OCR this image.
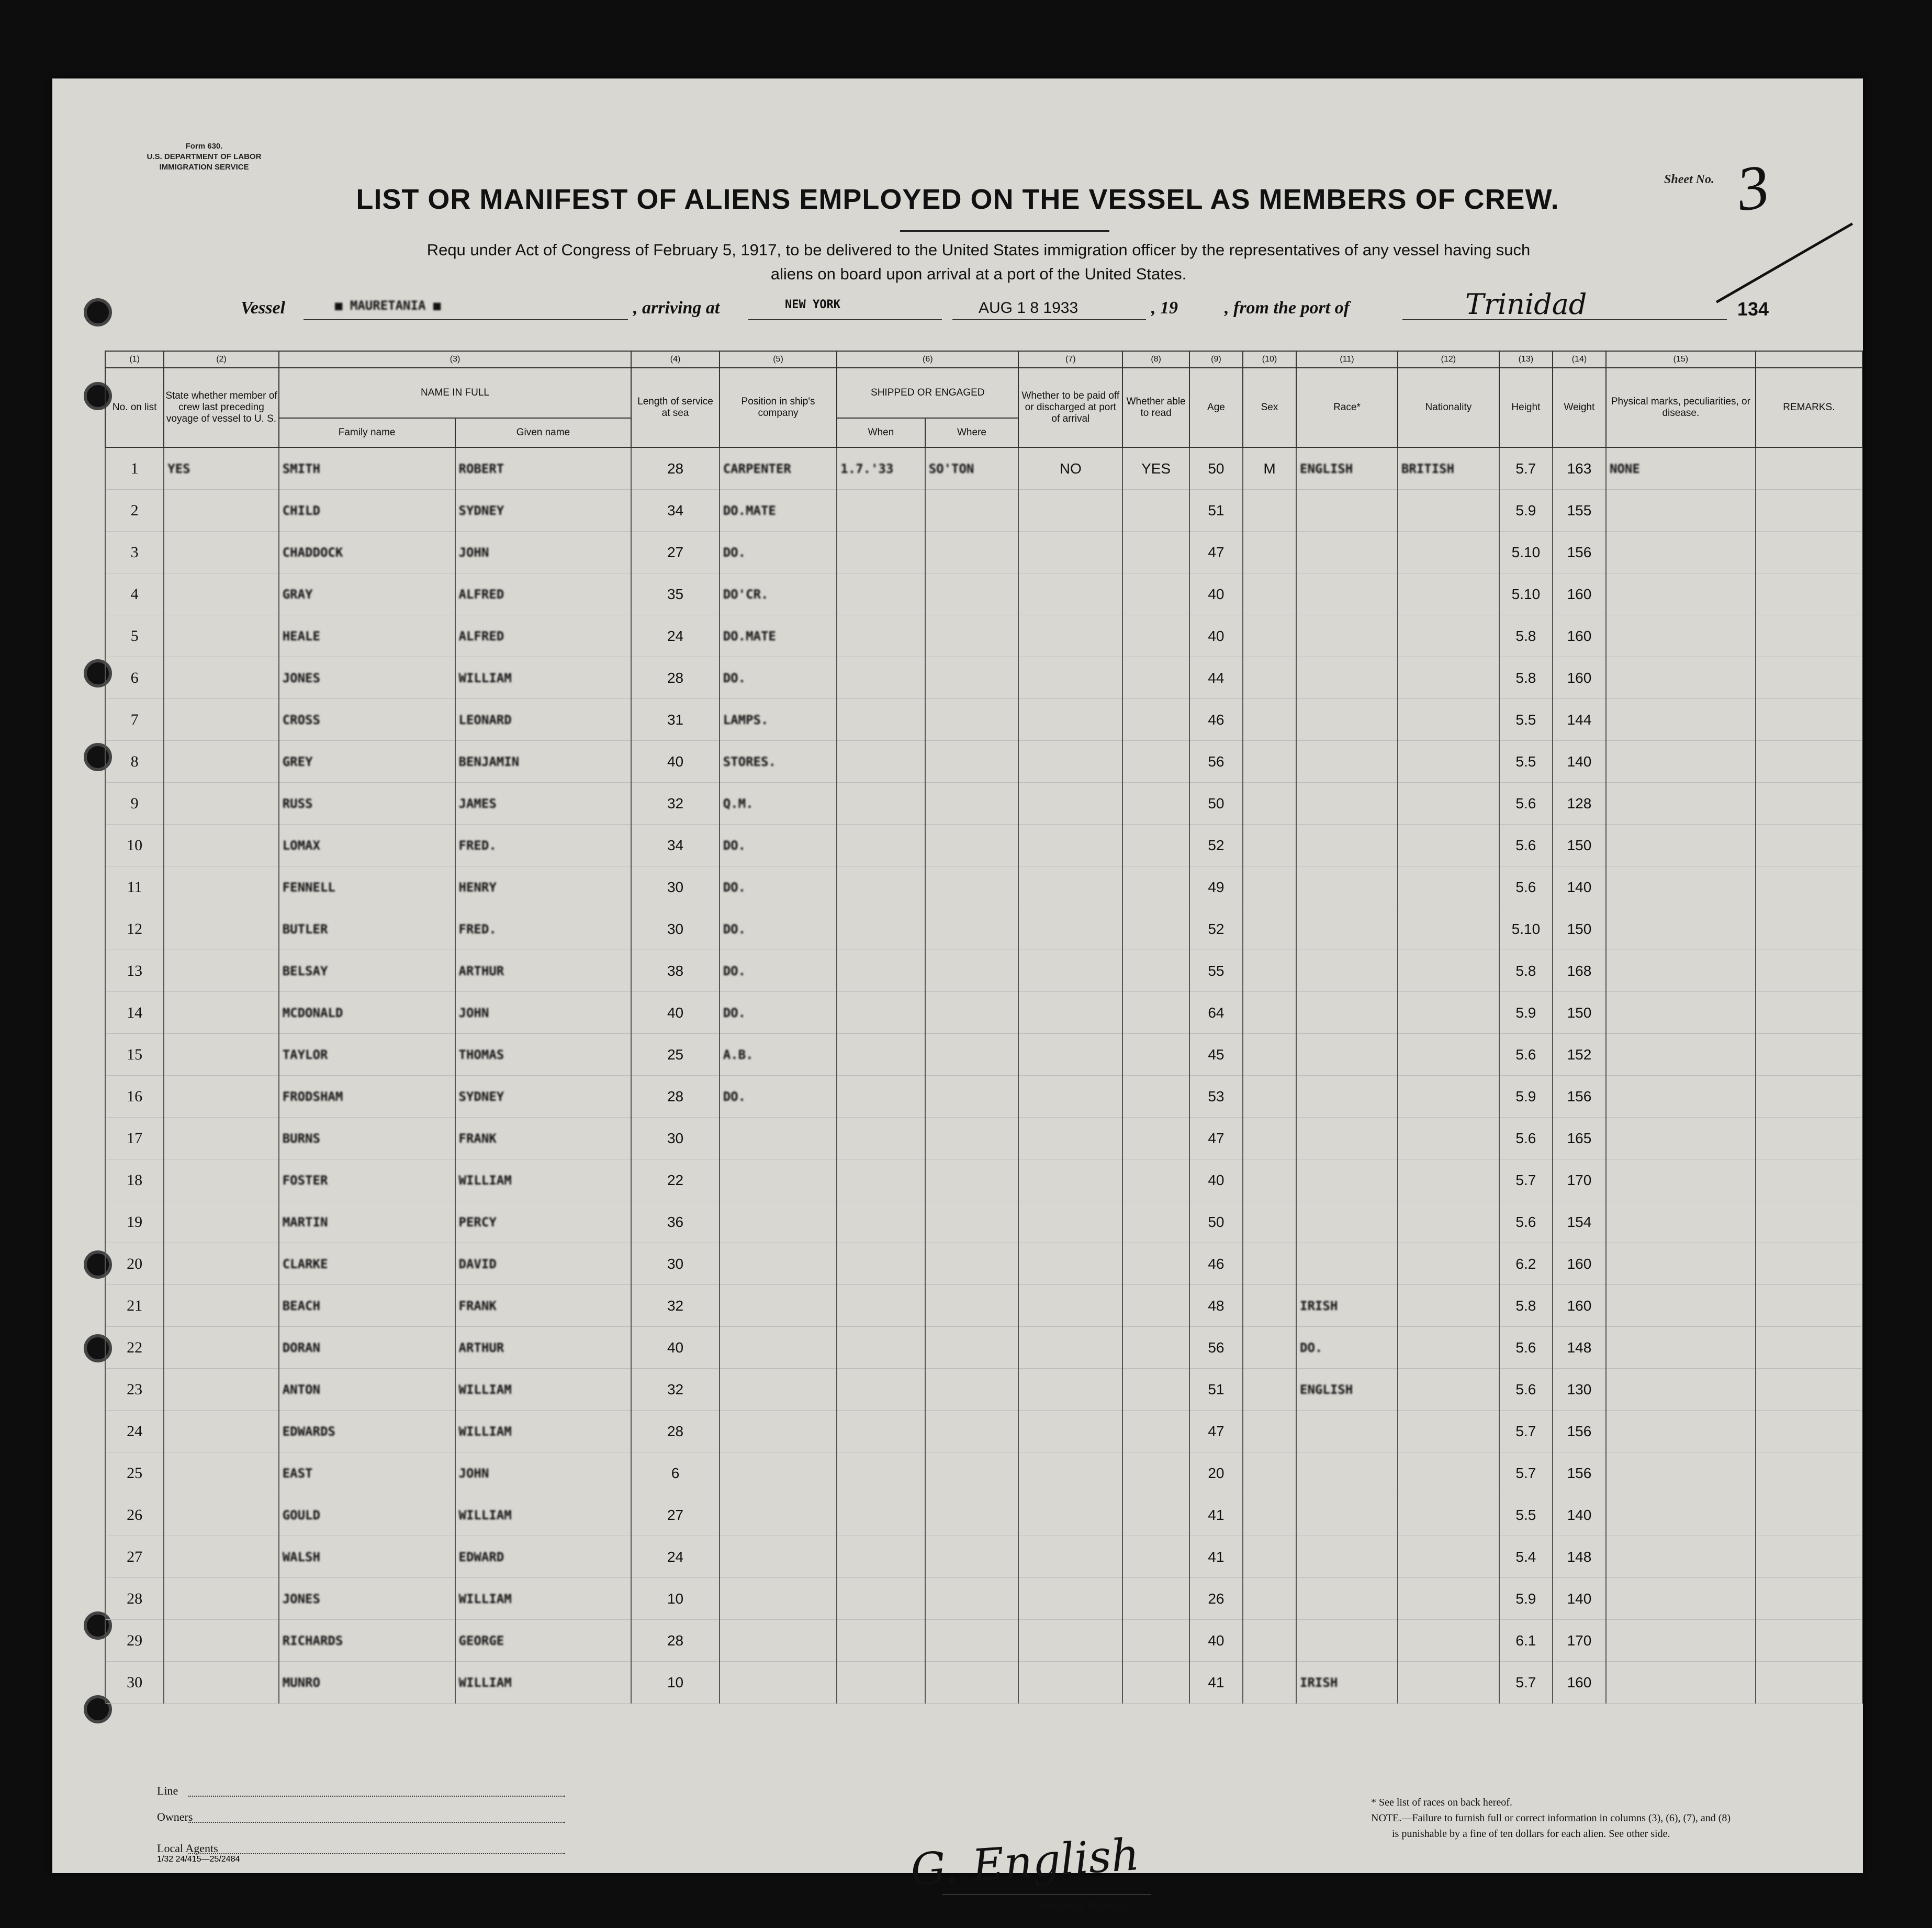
Form 630.
U.S. DEPARTMENT OF LABOR
IMMIGRATION SERVICE
Sheet No. 3
LIST OR MANIFEST OF ALIENS EMPLOYED ON THE VESSEL AS MEMBERS OF CREW.
Requ under Act of Congress of February 5, 1917, to be delivered to the United States immigration officer by the representatives of any vessel having such
aliens on board upon arrival at a port of the United States.
Vessel	■ MAURETANIA ■	, arriving at	NEW YORK	AUG 1 8 1933	, 19	, from the port of	Trinidad	134
(1)	(2)	(3)		(4)	(5)	(6)		(7)	(8)	(9)	(10)	(11)	(12)	(13)	(14)	(15)	
No. on list	State whether member of crew last preceding voyage of vessel to U. S.	NAME IN FULL		Length of service at sea	Position in ship's company	SHIPPED OR ENGAGED		Whether to be paid off or discharged at port of arrival	Whether able to read	Age	Sex	Race*	Nationality	Height	Weight	Physical marks, peculiarities, or disease.	REMARKS.
		Family name	Given name			When	Where										
1	YES	SMITH	ROBERT	28	CARPENTER	1.7.'33	SO'TON	NO	YES	50	M	ENGLISH	BRITISH	5.7	163	NONE	
2		CHILD	SYDNEY	34	DO.MATE					51				5.9	155		
3		CHADDOCK	JOHN	27	DO.					47				5.10	156		
4		GRAY	ALFRED	35	DO'CR.					40				5.10	160		
5		HEALE	ALFRED	24	DO.MATE					40				5.8	160		
6		JONES	WILLIAM	28	DO.					44				5.8	160		
7		CROSS	LEONARD	31	LAMPS.					46				5.5	144		
8		GREY	BENJAMIN	40	STORES.					56				5.5	140		
9		RUSS	JAMES	32	Q.M.					50				5.6	128		
10		LOMAX	FRED.	34	DO.					52				5.6	150		
11		FENNELL	HENRY	30	DO.					49				5.6	140		
12		BUTLER	FRED.	30	DO.					52				5.10	150		
13		BELSAY	ARTHUR	38	DO.					55				5.8	168		
14		MCDONALD	JOHN	40	DO.					64				5.9	150		
15		TAYLOR	THOMAS	25	A.B.					45				5.6	152		
16		FRODSHAM	SYDNEY	28	DO.					53				5.9	156		
17		BURNS	FRANK	30						47				5.6	165		
18		FOSTER	WILLIAM	22						40				5.7	170		
19		MARTIN	PERCY	36						50				5.6	154		
20		CLARKE	DAVID	30						46				6.2	160		
21		BEACH	FRANK	32						48		IRISH		5.8	160		
22		DORAN	ARTHUR	40						56		DO.		5.6	148		
23		ANTON	WILLIAM	32						51		ENGLISH		5.6	130		
24		EDWARDS	WILLIAM	28						47				5.7	156		
25		EAST	JOHN	6						20				5.7	156		
26		GOULD	WILLIAM	27						41				5.5	140		
27		WALSH	EDWARD	24						41				5.4	148		
28		JONES	WILLIAM	10						26				5.9	140		
29		RICHARDS	GEORGE	28						40				6.1	170		
30		MUNRO	WILLIAM	10						41		IRISH		5.7	160		
Line
Owners
Local Agents
1/32 24/415—25/2484	G. English
Immigrant Inspector.
* See list of races on back hereof.
NOTE.—Failure to furnish full or correct information in columns (3), (6), (7), and (8)
is punishable by a fine of ten dollars for each alien. See other side.
